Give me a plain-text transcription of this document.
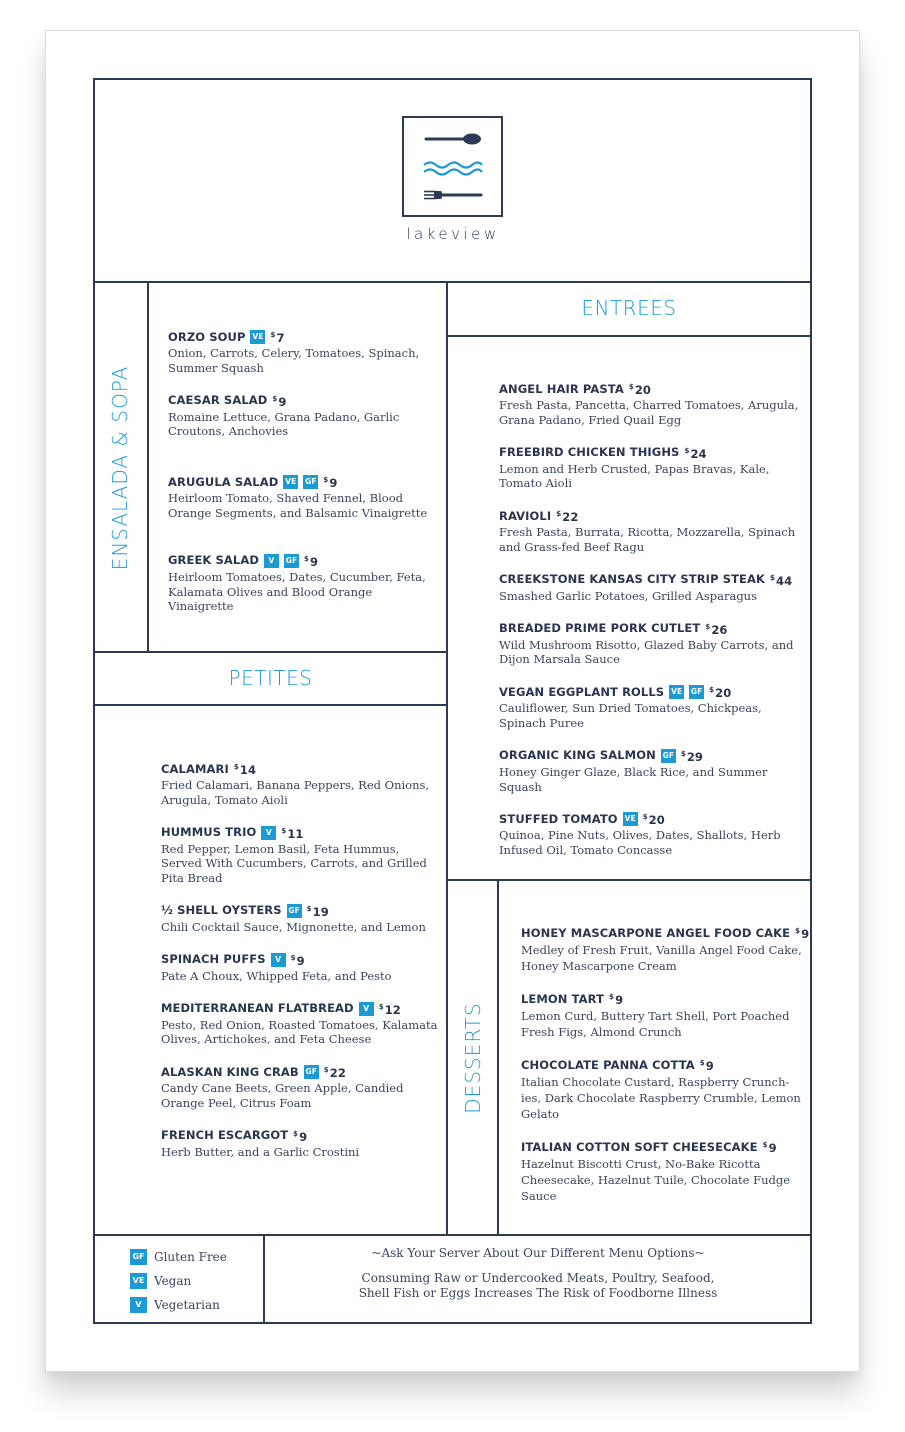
lakeview
ENSALADA & SOPA
PETITES
ENTREES
DESSERTS
ORZO SOUP VE $7
Onion, Carrots, Celery, Tomatoes, Spinach, Summer Squash
CAESAR SALAD $9
Romaine Lettuce, Grana Padano, Garlic Croutons, Anchovies
ARUGULA SALAD VE GF $9
Heirloom Tomato, Shaved Fennel, Blood Orange Segments, and Balsamic Vinaigrette
GREEK SALAD	V	GF $9
Heirloom Tomatoes, Dates, Cucumber, Feta, Kalamata Olives and Blood Orange Vinaigrette
CALAMARI $14
Fried Calamari, Banana Peppers, Red Onions, Arugula, Tomato Aioli
HUMMUS TRIO	V	$11
Red Pepper, Lemon Basil, Feta Hummus, Served With Cucumbers, Carrots, and Grilled Pita Bread
½ SHELL OYSTERS GF $19
Chili Cocktail Sauce, Mignonette, and Lemon
SPINACH PUFFS	V	$9
Pate A Choux, Whipped Feta, and Pesto
MEDITERRANEAN FLATBREAD	V	$12
Pesto, Red Onion, Roasted Tomatoes, Kalamata Olives, Artichokes, and Feta Cheese
ALASKAN KING CRAB GF $22
Candy Cane Beets, Green Apple, Candied Orange Peel, Citrus Foam
FRENCH ESCARGOT $9
Herb Butter, and a Garlic Crostini
ANGEL HAIR PASTA $20
Fresh Pasta, Pancetta, Charred Tomatoes, Arugula, Grana Padano, Fried Quail Egg
FREEBIRD CHICKEN THIGHS $24
Lemon and Herb Crusted, Papas Bravas, Kale, Tomato Aioli
RAVIOLI $22
Fresh Pasta, Burrata, Ricotta, Mozzarella, Spinach and Grass-fed Beef Ragu
CREEKSTONE KANSAS CITY STRIP STEAK $44
Smashed Garlic Potatoes, Grilled Asparagus
BREADED PRIME PORK CUTLET $26
Wild Mushroom Risotto, Glazed Baby Carrots, and Dijon Marsala Sauce
VEGAN EGGPLANT ROLLS VE GF $20
Cauliflower, Sun Dried Tomatoes, Chickpeas, Spinach Puree
ORGANIC KING SALMON GF $29
Honey Ginger Glaze, Black Rice, and Summer Squash
STUFFED TOMATO VE $20
Quinoa, Pine Nuts, Olives, Dates, Shallots, Herb Infused Oil, Tomato Concasse
HONEY MASCARPONE ANGEL FOOD CAKE $9
Medley of Fresh Fruit, Vanilla Angel Food Cake, Honey Mascarpone Cream
LEMON TART $9
Lemon Curd, Buttery Tart Shell, Port Poached Fresh Figs, Almond Crunch
CHOCOLATE PANNA COTTA $9
Italian Chocolate Custard, Raspberry Crunch-ies, Dark Chocolate Raspberry Crumble, Lemon Gelato
ITALIAN COTTON SOFT CHEESECAKE $9
Hazelnut Biscotti Crust, No-Bake Ricotta Cheesecake, Hazelnut Tuile, Chocolate Fudge Sauce
GF Gluten Free
VE Vegan
V	Vegetarian
~Ask Your Server About Our Different Menu Options~
Consuming Raw or Undercooked Meats, Poultry, Seafood,
Shell Fish or Eggs Increases The Risk of Foodborne Illness
